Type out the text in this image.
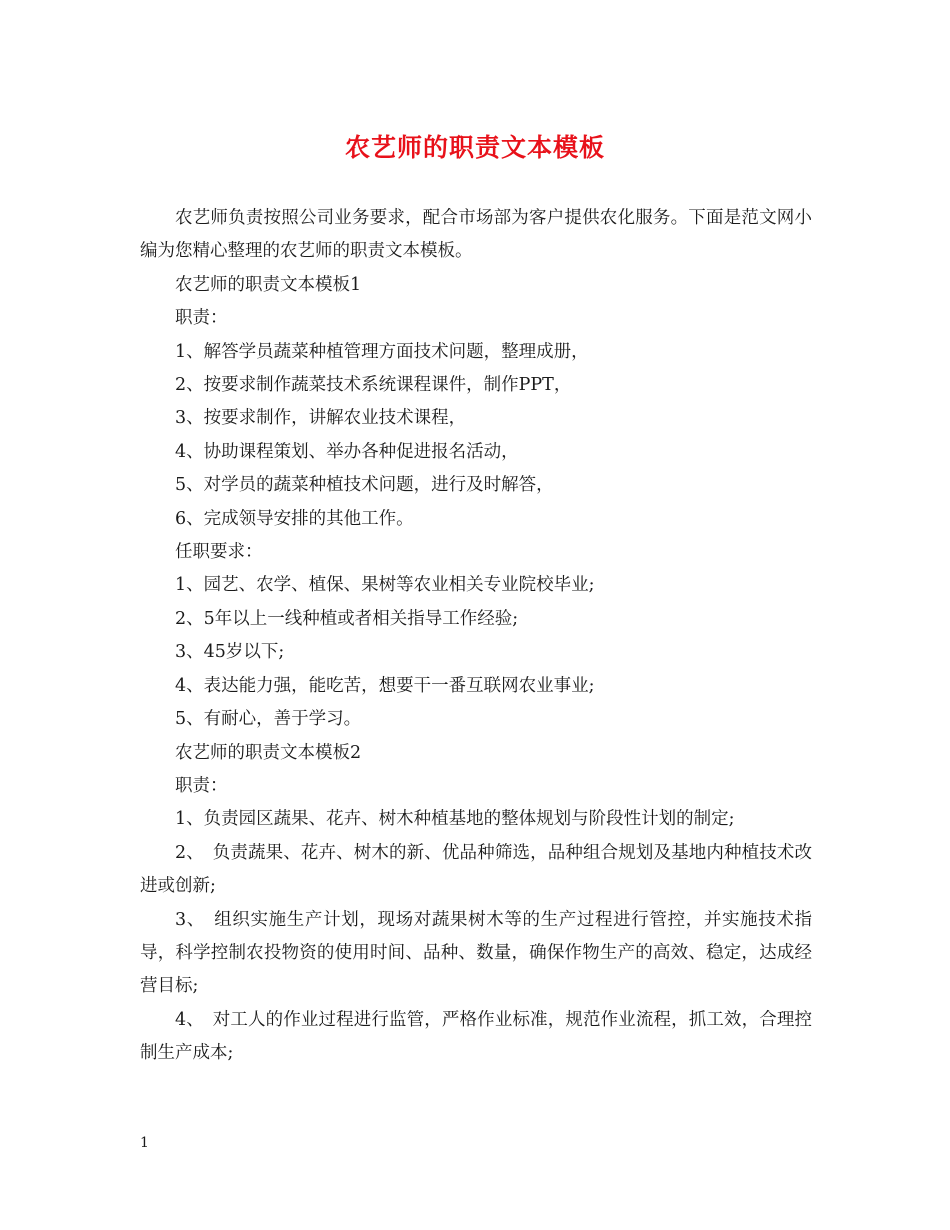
农艺师的职责文本模板

农艺师负责按照公司业务要求，配合市场部为客户提供农化服务。下面是范文网小编为您精心整理的农艺师的职责文本模板。

农艺师的职责文本模板1

职责：

1、解答学员蔬菜种植管理方面技术问题，整理成册，

2、按要求制作蔬菜技术系统课程课件，制作PPT，

3、按要求制作，讲解农业技术课程，

4、协助课程策划、举办各种促进报名活动，

5、对学员的蔬菜种植技术问题，进行及时解答，

6、完成领导安排的其他工作。

任职要求：

1、园艺、农学、植保、果树等农业相关专业院校毕业;

2、5年以上一线种植或者相关指导工作经验;

3、45岁以下;

4、表达能力强，能吃苦，想要干一番互联网农业事业;

5、有耐心，善于学习。

农艺师的职责文本模板2

职责：

1、负责园区蔬果、花卉、树木种植基地的整体规划与阶段性计划的制定;

2、　负责蔬果、花卉、树木的新、优品种筛选，品种组合规划及基地内种植技术改进或创新;

3、　组织实施生产计划，现场对蔬果树木等的生产过程进行管控，并实施技术指导，科学控制农投物资的使用时间、品种、数量，确保作物生产的高效、稳定，达成经营目标;

4、　对工人的作业过程进行监管，严格作业标准，规范作业流程，抓工效，合理控制生产成本;

1
